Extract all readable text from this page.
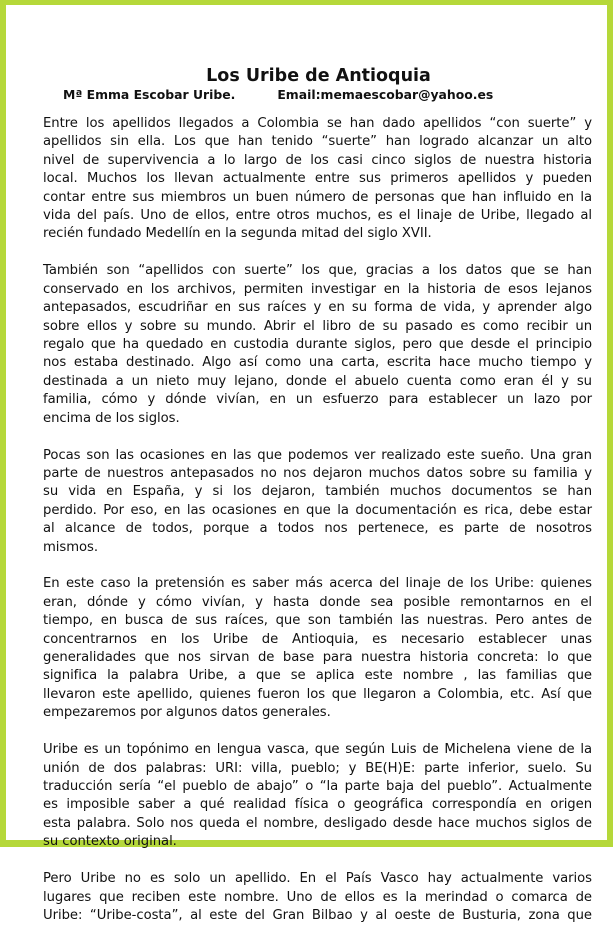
Los Uribe de Antioquia
Mª Emma Escobar Uribe.	Email:memaescobar@yahoo.es

Entre los apellidos llegados a Colombia se han dado apellidos “con suerte” y
apellidos sin ella. Los que han tenido “suerte” han logrado alcanzar un alto
nivel de supervivencia a lo largo de los casi cinco siglos de nuestra historia
local. Muchos los llevan actualmente entre sus primeros apellidos y pueden
contar entre sus miembros un buen número de personas que han influido en la
vida del país. Uno de ellos, entre otros muchos, es el linaje de Uribe, llegado al
recién fundado Medellín en la segunda mitad del siglo XVII.

También son “apellidos con suerte” los que, gracias a los datos que se han
conservado en los archivos, permiten investigar en la historia de esos lejanos
antepasados, escudriñar en sus raíces y en su forma de vida, y aprender algo
sobre ellos y sobre su mundo. Abrir el libro de su pasado es como recibir un
regalo que ha quedado en custodia durante siglos, pero que desde el principio
nos estaba destinado. Algo así como una carta, escrita hace mucho tiempo y
destinada a un nieto muy lejano, donde el abuelo cuenta como eran él y su
familia, cómo y dónde vivían, en un esfuerzo para establecer un lazo por
encima de los siglos.

Pocas son las ocasiones en las que podemos ver realizado este sueño. Una gran
parte de nuestros antepasados no nos dejaron muchos datos sobre su familia y
su vida en España, y si los dejaron, también muchos documentos se han
perdido. Por eso, en las ocasiones en que la documentación es rica, debe estar
al alcance de todos, porque a todos nos pertenece, es parte de nosotros
mismos.

En este caso la pretensión es saber más acerca del linaje de los Uribe: quienes
eran, dónde y cómo vivían, y hasta donde sea posible remontarnos en el
tiempo, en busca de sus raíces, que son también las nuestras. Pero antes de
concentrarnos en los Uribe de Antioquia, es necesario establecer unas
generalidades que nos sirvan de base para nuestra historia concreta: lo que
significa la palabra Uribe, a que se aplica este nombre , las familias que
llevaron este apellido, quienes fueron los que llegaron a Colombia, etc. Así que
empezaremos por algunos datos generales.

Uribe es un topónimo en lengua vasca, que según Luis de Michelena viene de la
unión de dos palabras: URI: villa, pueblo; y BE(H)E: parte inferior, suelo. Su
traducción sería “el pueblo de abajo” o “la parte baja del pueblo”. Actualmente
es imposible saber a qué realidad física o geográfica correspondía en origen
esta palabra. Solo nos queda el nombre, desligado desde hace muchos siglos de
su contexto original.

Pero Uribe no es solo un apellido. En el País Vasco hay actualmente varios
lugares que reciben este nombre. Uno de ellos es la merindad o comarca de
Uribe: “Uribe-costa”, al este del Gran Bilbao y al oeste de Busturia, zona que
